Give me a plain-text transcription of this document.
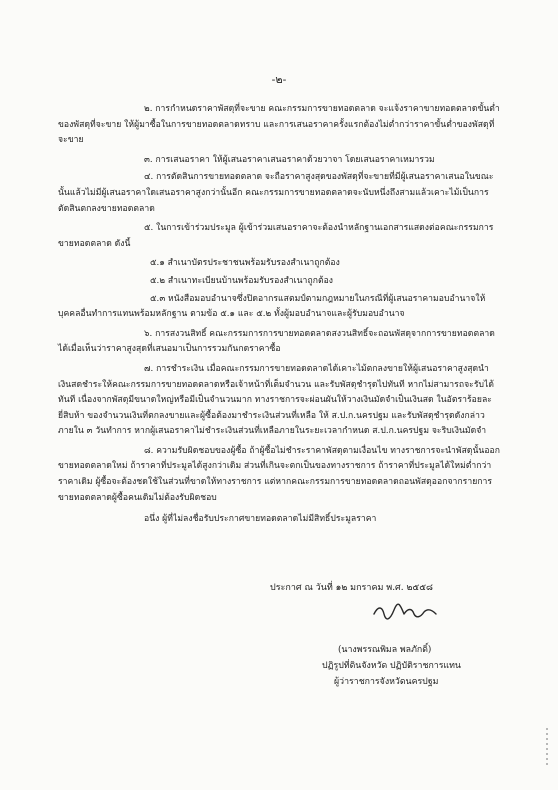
-๒-

๒. การกำหนดราคาพัสดุที่จะขาย คณะกรรมการขายทอดตลาด จะแจ้งราคาขายทอดตลาดขั้นต่ำของพัสดุที่จะขาย ให้ผู้มาซื้อในการขายทอดตลาดทราบ และการเสนอราคาครั้งแรกต้องไม่ต่ำกว่าราคาขั้นต่ำของพัสดุที่จะขาย

๓. การเสนอราคา ให้ผู้เสนอราคาเสนอราคาด้วยวาจา โดยเสนอราคาเหมารวม

๔. การตัดสินการขายทอดตลาด จะถือราคาสูงสุดของพัสดุที่จะขายที่มีผู้เสนอราคาเสนอในขณะนั้นแล้วไม่มีผู้เสนอราคาใดเสนอราคาสูงกว่านั้นอีก คณะกรรมการขายทอดตลาดจะนับหนึ่งถึงสามแล้วเคาะไม้เป็นการตัดสินตกลงขายทอดตลาด

๕. ในการเข้าร่วมประมูล ผู้เข้าร่วมเสนอราคาจะต้องนำหลักฐานเอกสารแสดงต่อคณะกรรมการขายทอดตลาด ดังนี้

๕.๑ สำเนาบัตรประชาชนพร้อมรับรองสำเนาถูกต้อง

๕.๒ สำเนาทะเบียนบ้านพร้อมรับรองสำเนาถูกต้อง

๕.๓ หนังสือมอบอำนาจซึ่งปิดอากรแสตมป์ตามกฎหมายในกรณีที่ผู้เสนอราคามอบอำนาจให้บุคคลอื่นทำการแทนพร้อมหลักฐาน ตามข้อ ๕.๑ และ ๕.๒ ทั้งผู้มอบอำนาจและผู้รับมอบอำนาจ

๖. การสงวนสิทธิ์ คณะกรรมการการขายทอดตลาดสงวนสิทธิ์จะถอนพัสดุจากการขายทอดตลาดได้เมื่อเห็นว่าราคาสูงสุดที่เสนอมาเป็นการรวมกันกดราคาซื้อ

๗. การชำระเงิน เมื่อคณะกรรมการขายทอดตลาดได้เคาะไม้ตกลงขายให้ผู้เสนอราคาสูงสุดนำเงินสดชำระให้คณะกรรมการขายทอดตลาดหรือเจ้าหน้าที่เต็มจำนวน และรับพัสดุชำรุดไปทันที หากไม่สามารถจะรับได้ทันที เนื่องจากพัสดุมีขนาดใหญ่หรือมีเป็นจำนวนมาก ทางราชการจะผ่อนผันให้วางเงินมัดจำเป็นเงินสด ในอัตราร้อยละยี่สิบห้า ของจำนวนเงินที่ตกลงขายและผู้ซื้อต้องมาชำระเงินส่วนที่เหลือ ให้ ส.ป.ก.นครปฐม และรับพัสดุชำรุดดังกล่าว ภายใน ๓ วันทำการ หากผู้เสนอราคาไม่ชำระเงินส่วนที่เหลือภายในระยะเวลากำหนด ส.ป.ก.นครปฐม จะริบเงินมัดจำ

๘. ความรับผิดชอบของผู้ซื้อ ถ้าผู้ซื้อไม่ชำระราคาพัสดุตามเงื่อนไข ทางราชการจะนำพัสดุนั้นออกขายทอดตลาดใหม่ ถ้าราคาที่ประมูลได้สูงกว่าเดิม ส่วนที่เกินจะตกเป็นของทางราชการ ถ้าราคาที่ประมูลได้ใหม่ต่ำกว่าราคาเดิม ผู้ซื้อจะต้องชดใช้ในส่วนที่ขาดให้ทางราชการ แต่หากคณะกรรมการขายทอดตลาดถอนพัสดุออกจากรายการขายทอดตลาดผู้ซื้อคนเดิมไม่ต้องรับผิดชอบ

อนึ่ง ผู้ที่ไม่ลงชื่อรับประกาศขายทอดตลาดไม่มีสิทธิ์ประมูลราคา

ประกาศ ณ วันที่ ๑๒ มกราคม พ.ศ. ๒๕๕๘
(นางพรรณพิมล พลภักดิ์)
ปฏิรูปที่ดินจังหวัด ปฏิบัติราชการแทน
ผู้ว่าราชการจังหวัดนครปฐม
